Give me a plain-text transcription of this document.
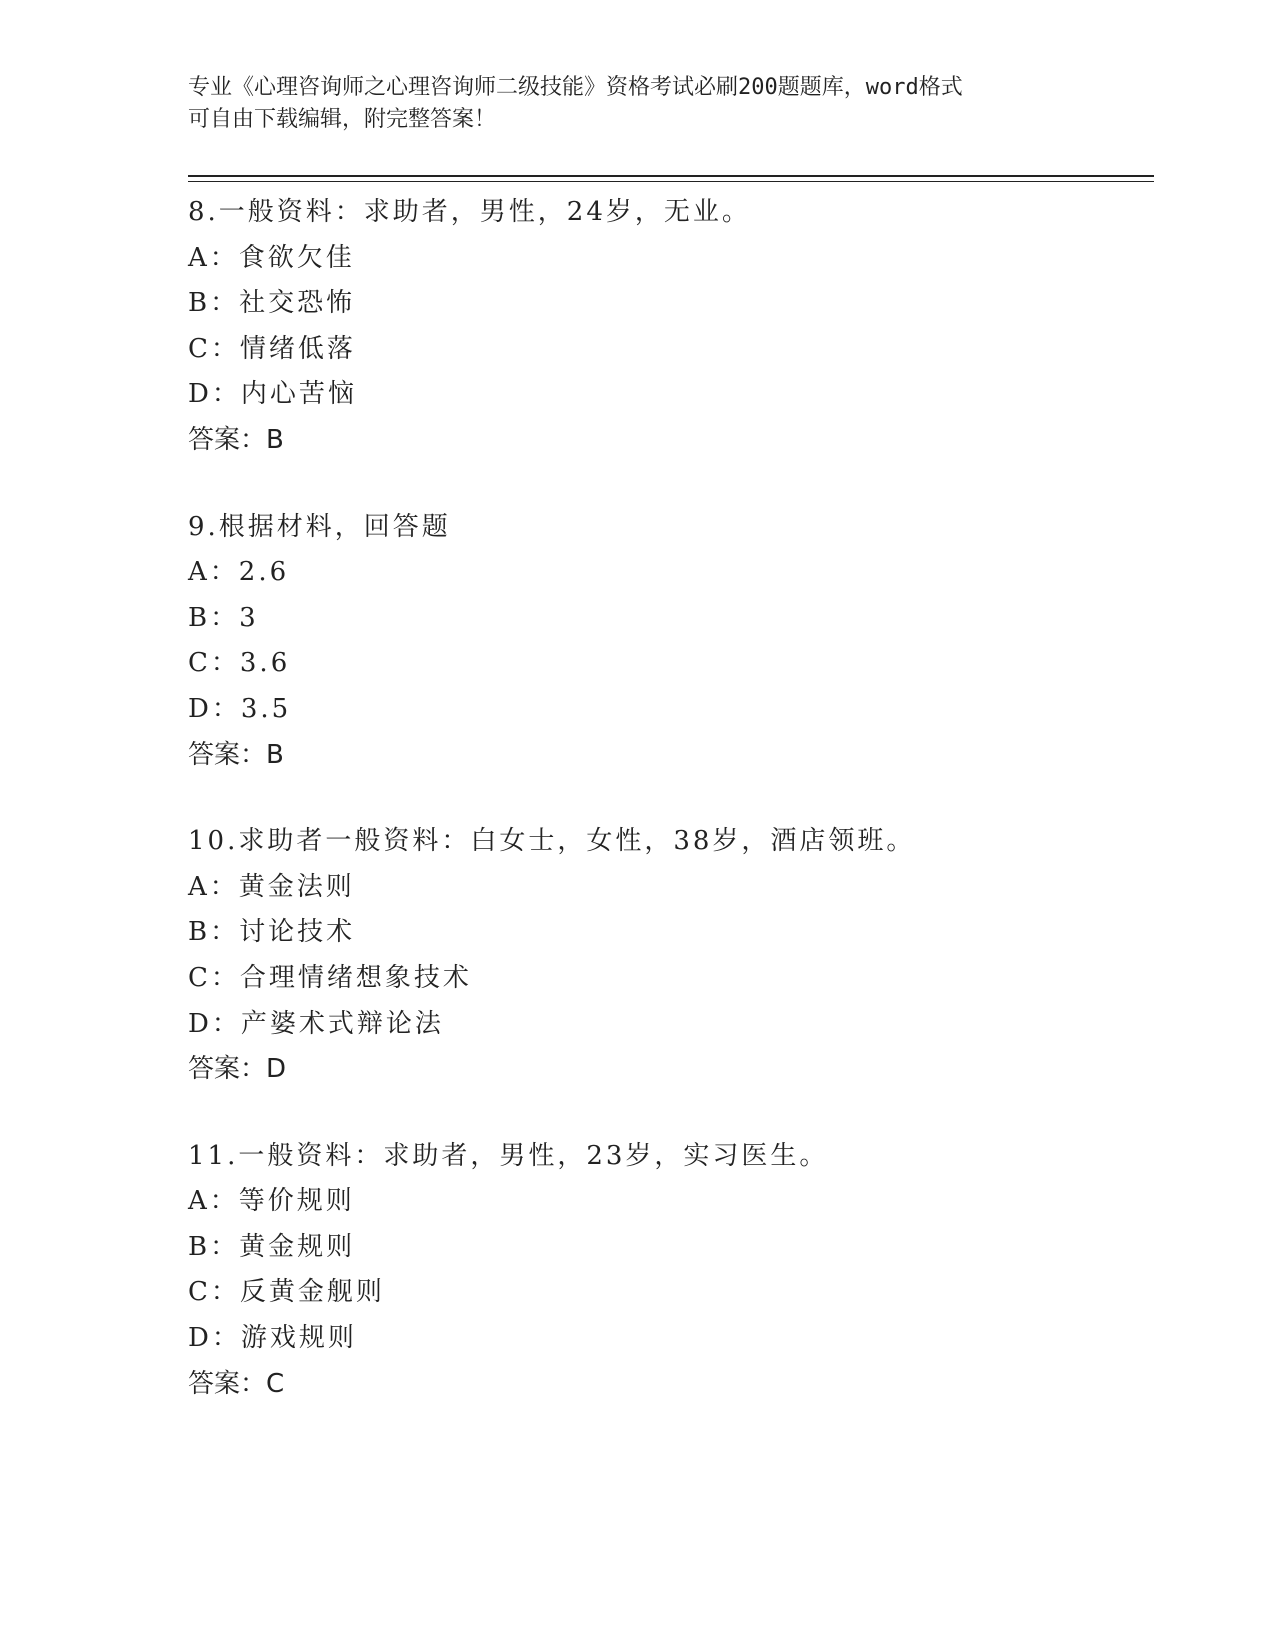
专业《心理咨询师之心理咨询师二级技能》资格考试必刷200题题库，word格式
可自由下载编辑，附完整答案！
8.一般资料：求助者，男性，24岁，无业。
A：食欲欠佳
B：社交恐怖
C：情绪低落
D：内心苦恼
答案：B
9.根据材料，回答题
A：2.6
B：3
C：3.6
D：3.5
答案：B
10.求助者一般资料：白女士，女性，38岁，酒店领班。
A：黄金法则
B：讨论技术
C：合理情绪想象技术
D：产婆术式辩论法
答案：D
11.一般资料：求助者，男性，23岁，实习医生。
A：等价规则
B：黄金规则
C：反黄金舰则
D：游戏规则
答案：C
